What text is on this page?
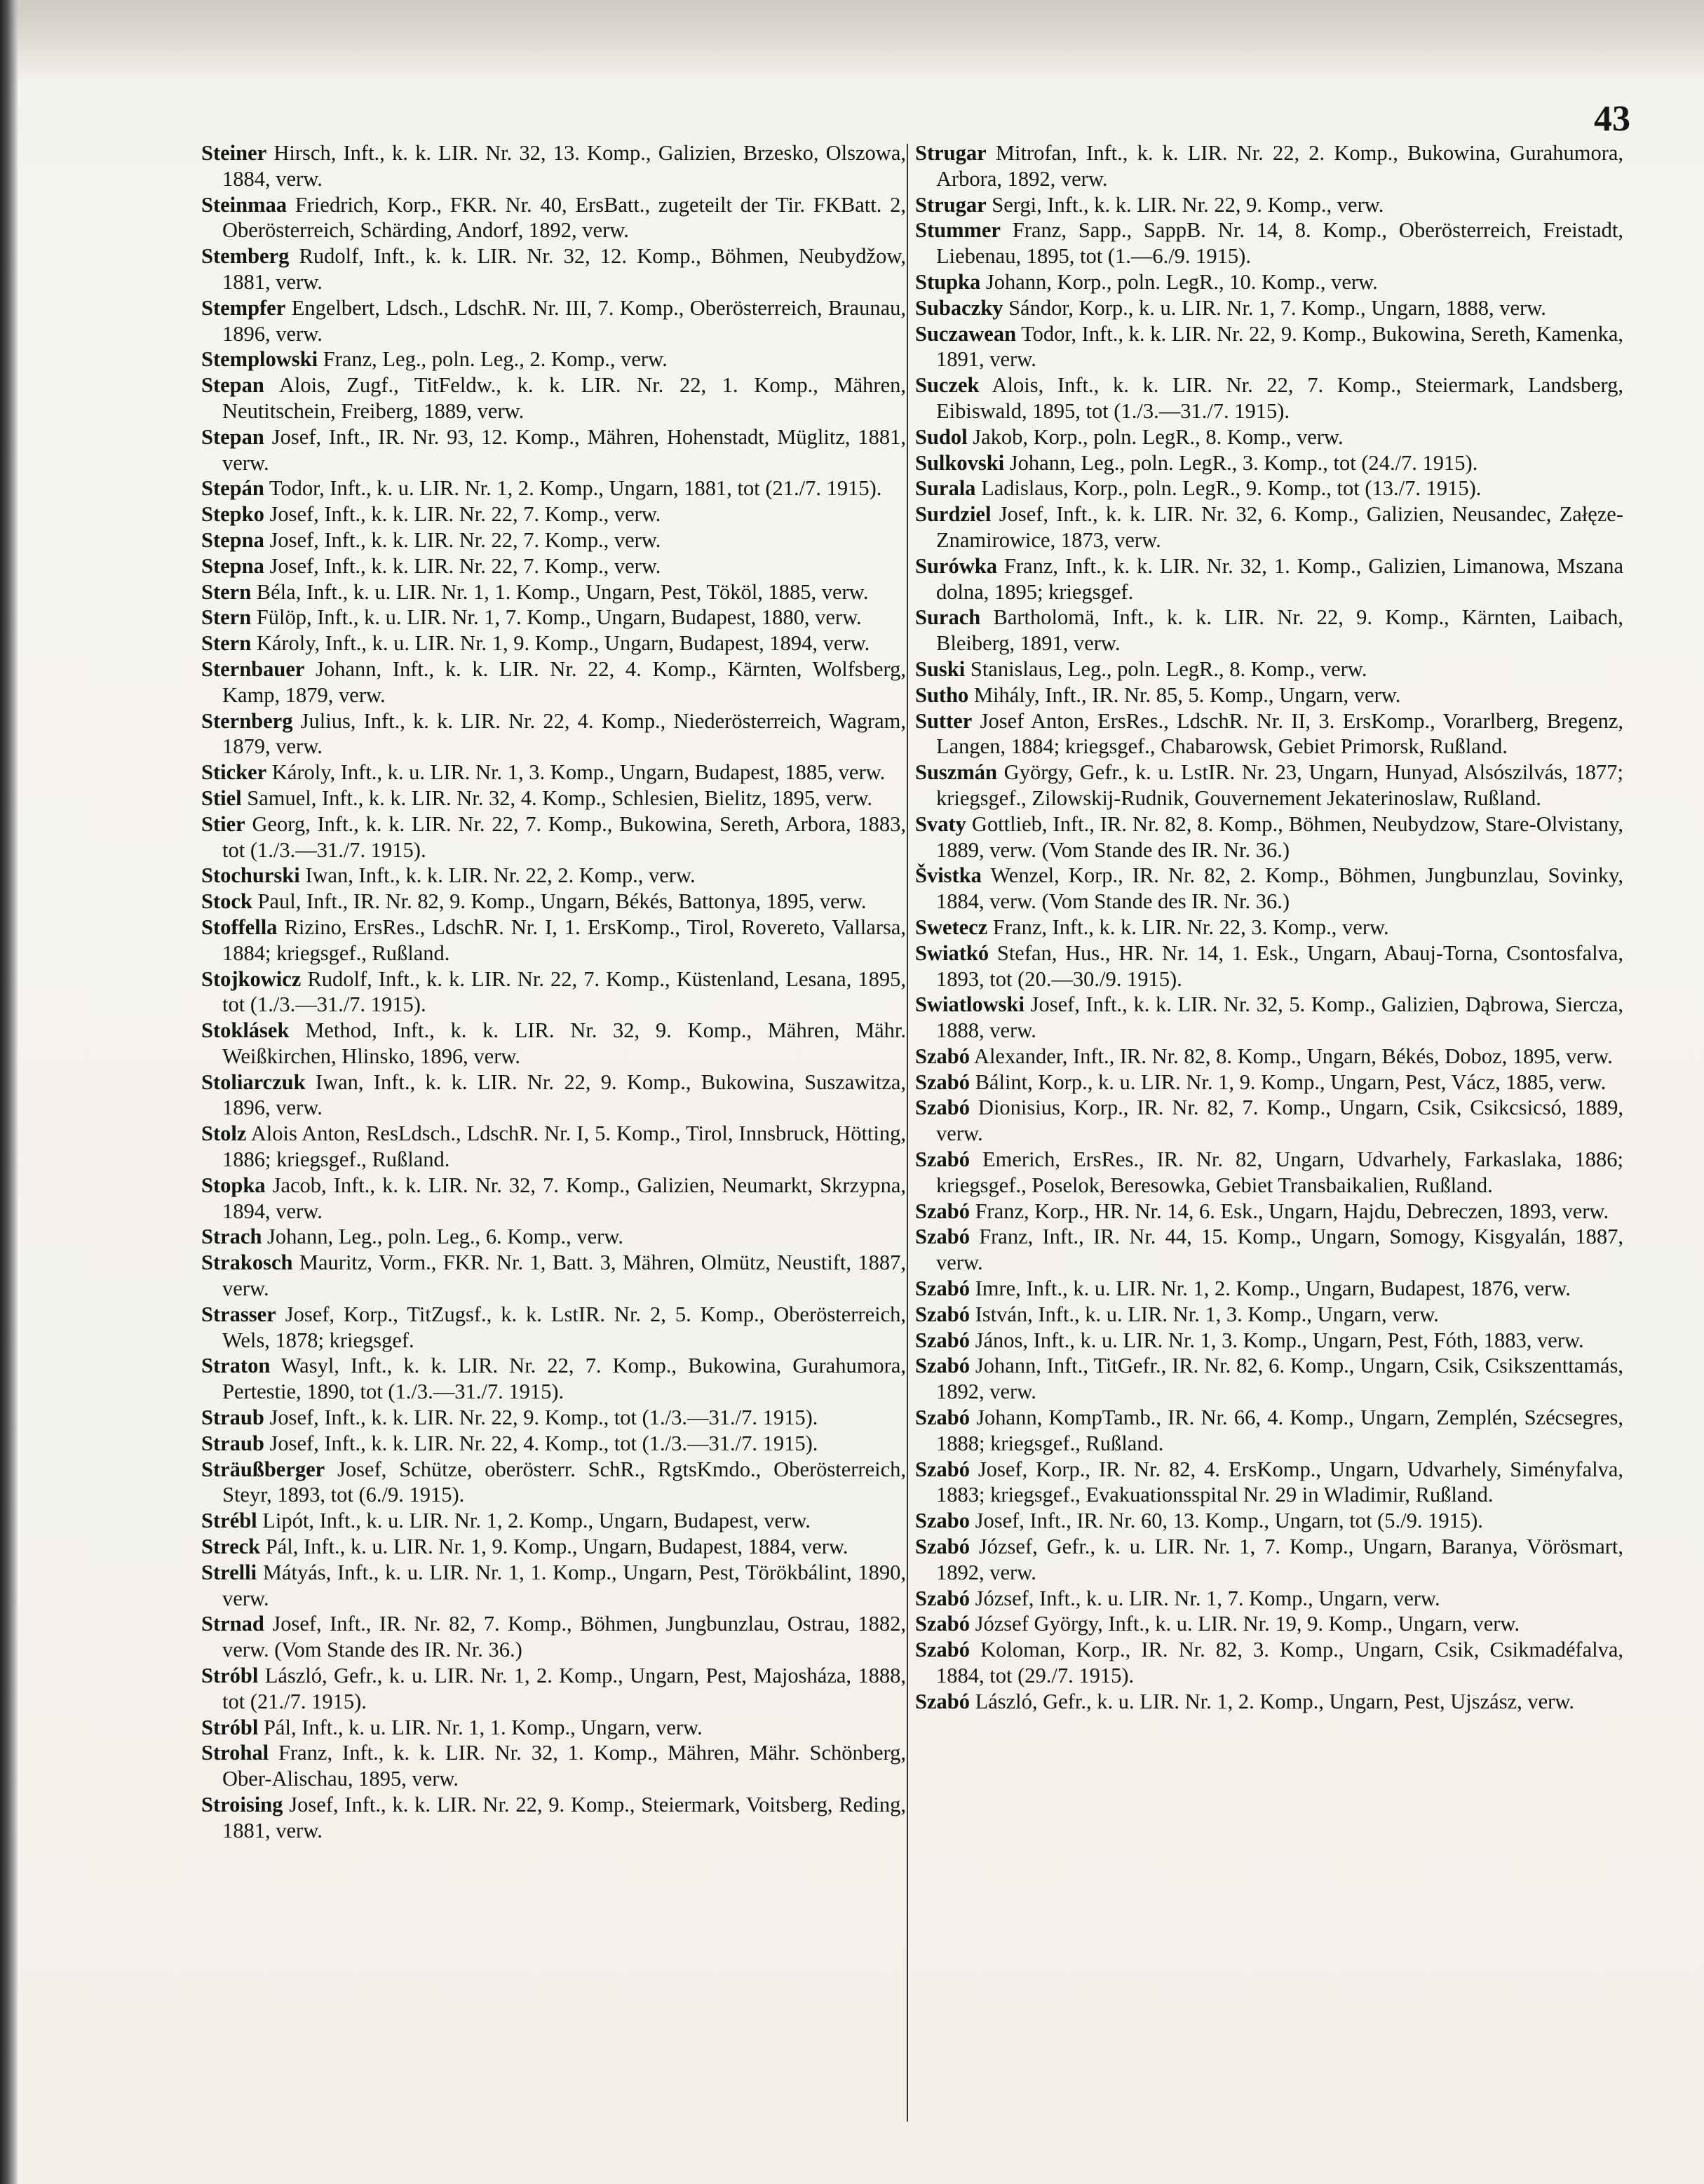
43
Steiner Hirsch, Inft., k. k. LIR. Nr. 32, 13. Komp., Galizien, Brzesko, Olszowa, 1884, verw.
Steinmaa Friedrich, Korp., FKR. Nr. 40, ErsBatt., zugeteilt der Tir. FKBatt. 2, Oberösterreich, Schärding, Andorf, 1892, verw.
Stemberg Rudolf, Inft., k. k. LIR. Nr. 32, 12. Komp., Böhmen, Neubydžow, 1881, verw.
Stempfer Engelbert, Ldsch., LdschR. Nr. III, 7. Komp., Oberösterreich, Braunau, 1896, verw.
Stemplowski Franz, Leg., poln. Leg., 2. Komp., verw.
Stepan Alois, Zugf., TitFeldw., k. k. LIR. Nr. 22, 1. Komp., Mähren, Neutitschein, Freiberg, 1889, verw.
Stepan Josef, Inft., IR. Nr. 93, 12. Komp., Mähren, Hohenstadt, Müglitz, 1881, verw.
Stepán Todor, Inft., k. u. LIR. Nr. 1, 2. Komp., Ungarn, 1881, tot (21./7. 1915).
Stepko Josef, Inft., k. k. LIR. Nr. 22, 7. Komp., verw.
Stepna Josef, Inft., k. k. LIR. Nr. 22, 7. Komp., verw.
Stepna Josef, Inft., k. k. LIR. Nr. 22, 7. Komp., verw.
Stern Béla, Inft., k. u. LIR. Nr. 1, 1. Komp., Ungarn, Pest, Tököl, 1885, verw.
Stern Fülöp, Inft., k. u. LIR. Nr. 1, 7. Komp., Ungarn, Budapest, 1880, verw.
Stern Károly, Inft., k. u. LIR. Nr. 1, 9. Komp., Ungarn, Budapest, 1894, verw.
Sternbauer Johann, Inft., k. k. LIR. Nr. 22, 4. Komp., Kärnten, Wolfsberg, Kamp, 1879, verw.
Sternberg Julius, Inft., k. k. LIR. Nr. 22, 4. Komp., Niederösterreich, Wagram, 1879, verw.
Sticker Károly, Inft., k. u. LIR. Nr. 1, 3. Komp., Ungarn, Budapest, 1885, verw.
Stiel Samuel, Inft., k. k. LIR. Nr. 32, 4. Komp., Schlesien, Bielitz, 1895, verw.
Stier Georg, Inft., k. k. LIR. Nr. 22, 7. Komp., Bukowina, Sereth, Arbora, 1883, tot (1./3.—31./7. 1915).
Stochurski Iwan, Inft., k. k. LIR. Nr. 22, 2. Komp., verw.
Stock Paul, Inft., IR. Nr. 82, 9. Komp., Ungarn, Békés, Battonya, 1895, verw.
Stoffella Rizino, ErsRes., LdschR. Nr. I, 1. ErsKomp., Tirol, Rovereto, Vallarsa, 1884; kriegsgef., Rußland.
Stojkowicz Rudolf, Inft., k. k. LIR. Nr. 22, 7. Komp., Küstenland, Lesana, 1895, tot (1./3.—31./7. 1915).
Stoklásek Method, Inft., k. k. LIR. Nr. 32, 9. Komp., Mähren, Mähr. Weißkirchen, Hlinsko, 1896, verw.
Stoliarczuk Iwan, Inft., k. k. LIR. Nr. 22, 9. Komp., Bukowina, Suszawitza, 1896, verw.
Stolz Alois Anton, ResLdsch., LdschR. Nr. I, 5. Komp., Tirol, Innsbruck, Hötting, 1886; kriegsgef., Rußland.
Stopka Jacob, Inft., k. k. LIR. Nr. 32, 7. Komp., Galizien, Neumarkt, Skrzypna, 1894, verw.
Strach Johann, Leg., poln. Leg., 6. Komp., verw.
Strakosch Mauritz, Vorm., FKR. Nr. 1, Batt. 3, Mähren, Olmütz, Neustift, 1887, verw.
Strasser Josef, Korp., TitZugsf., k. k. LstIR. Nr. 2, 5. Komp., Oberösterreich, Wels, 1878; kriegsgef.
Straton Wasyl, Inft., k. k. LIR. Nr. 22, 7. Komp., Bukowina, Gurahumora, Pertestie, 1890, tot (1./3.—31./7. 1915).
Straub Josef, Inft., k. k. LIR. Nr. 22, 9. Komp., tot (1./3.—31./7. 1915).
Straub Josef, Inft., k. k. LIR. Nr. 22, 4. Komp., tot (1./3.—31./7. 1915).
Sträußberger Josef, Schütze, oberösterr. SchR., RgtsKmdo., Oberösterreich, Steyr, 1893, tot (6./9. 1915).
Strébl Lipót, Inft., k. u. LIR. Nr. 1, 2. Komp., Ungarn, Budapest, verw.
Streck Pál, Inft., k. u. LIR. Nr. 1, 9. Komp., Ungarn, Budapest, 1884, verw.
Strelli Mátyás, Inft., k. u. LIR. Nr. 1, 1. Komp., Ungarn, Pest, Törökbálint, 1890, verw.
Strnad Josef, Inft., IR. Nr. 82, 7. Komp., Böhmen, Jungbunzlau, Ostrau, 1882, verw. (Vom Stande des IR. Nr. 36.)
Stróbl László, Gefr., k. u. LIR. Nr. 1, 2. Komp., Ungarn, Pest, Majosháza, 1888, tot (21./7. 1915).
Stróbl Pál, Inft., k. u. LIR. Nr. 1, 1. Komp., Ungarn, verw.
Strohal Franz, Inft., k. k. LIR. Nr. 32, 1. Komp., Mähren, Mähr. Schönberg, Ober-Alischau, 1895, verw.
Stroising Josef, Inft., k. k. LIR. Nr. 22, 9. Komp., Steiermark, Voitsberg, Reding, 1881, verw.
Strugar Mitrofan, Inft., k. k. LIR. Nr. 22, 2. Komp., Bukowina, Gurahumora, Arbora, 1892, verw.
Strugar Sergi, Inft., k. k. LIR. Nr. 22, 9. Komp., verw.
Stummer Franz, Sapp., SappB. Nr. 14, 8. Komp., Oberösterreich, Freistadt, Liebenau, 1895, tot (1.—6./9. 1915).
Stupka Johann, Korp., poln. LegR., 10. Komp., verw.
Subaczky Sándor, Korp., k. u. LIR. Nr. 1, 7. Komp., Ungarn, 1888, verw.
Suczawean Todor, Inft., k. k. LIR. Nr. 22, 9. Komp., Bukowina, Sereth, Kamenka, 1891, verw.
Suczek Alois, Inft., k. k. LIR. Nr. 22, 7. Komp., Steiermark, Landsberg, Eibiswald, 1895, tot (1./3.—31./7. 1915).
Sudol Jakob, Korp., poln. LegR., 8. Komp., verw.
Sulkovski Johann, Leg., poln. LegR., 3. Komp., tot (24./7. 1915).
Surala Ladislaus, Korp., poln. LegR., 9. Komp., tot (13./7. 1915).
Surdziel Josef, Inft., k. k. LIR. Nr. 32, 6. Komp., Galizien, Neusandec, Załęze-Znamirowice, 1873, verw.
Surówka Franz, Inft., k. k. LIR. Nr. 32, 1. Komp., Galizien, Limanowa, Mszana dolna, 1895; kriegsgef.
Surach Bartholomä, Inft., k. k. LIR. Nr. 22, 9. Komp., Kärnten, Laibach, Bleiberg, 1891, verw.
Suski Stanislaus, Leg., poln. LegR., 8. Komp., verw.
Sutho Mihály, Inft., IR. Nr. 85, 5. Komp., Ungarn, verw.
Sutter Josef Anton, ErsRes., LdschR. Nr. II, 3. ErsKomp., Vorarlberg, Bregenz, Langen, 1884; kriegsgef., Chabarowsk, Gebiet Primorsk, Rußland.
Suszmán György, Gefr., k. u. LstIR. Nr. 23, Ungarn, Hunyad, Alsószilvás, 1877; kriegsgef., Zilowskij-Rudnik, Gouvernement Jekaterinoslaw, Rußland.
Svaty Gottlieb, Inft., IR. Nr. 82, 8. Komp., Böhmen, Neubydzow, Stare-Olvistany, 1889, verw. (Vom Stande des IR. Nr. 36.)
Švistka Wenzel, Korp., IR. Nr. 82, 2. Komp., Böhmen, Jungbunzlau, Sovinky, 1884, verw. (Vom Stande des IR. Nr. 36.)
Swetecz Franz, Inft., k. k. LIR. Nr. 22, 3. Komp., verw.
Swiatkó Stefan, Hus., HR. Nr. 14, 1. Esk., Ungarn, Abauj-Torna, Csontosfalva, 1893, tot (20.—30./9. 1915).
Swiatlowski Josef, Inft., k. k. LIR. Nr. 32, 5. Komp., Galizien, Dąbrowa, Siercza, 1888, verw.
Szabó Alexander, Inft., IR. Nr. 82, 8. Komp., Ungarn, Békés, Doboz, 1895, verw.
Szabó Bálint, Korp., k. u. LIR. Nr. 1, 9. Komp., Ungarn, Pest, Vácz, 1885, verw.
Szabó Dionisius, Korp., IR. Nr. 82, 7. Komp., Ungarn, Csik, Csikcsicsó, 1889, verw.
Szabó Emerich, ErsRes., IR. Nr. 82, Ungarn, Udvarhely, Farkaslaka, 1886; kriegsgef., Poselok, Beresowka, Gebiet Transbaikalien, Rußland.
Szabó Franz, Korp., HR. Nr. 14, 6. Esk., Ungarn, Hajdu, Debreczen, 1893, verw.
Szabó Franz, Inft., IR. Nr. 44, 15. Komp., Ungarn, Somogy, Kisgyalán, 1887, verw.
Szabó Imre, Inft., k. u. LIR. Nr. 1, 2. Komp., Ungarn, Budapest, 1876, verw.
Szabó István, Inft., k. u. LIR. Nr. 1, 3. Komp., Ungarn, verw.
Szabó János, Inft., k. u. LIR. Nr. 1, 3. Komp., Ungarn, Pest, Fóth, 1883, verw.
Szabó Johann, Inft., TitGefr., IR. Nr. 82, 6. Komp., Ungarn, Csik, Csikszenttamás, 1892, verw.
Szabó Johann, KompTamb., IR. Nr. 66, 4. Komp., Ungarn, Zemplén, Szécsegres, 1888; kriegsgef., Rußland.
Szabó Josef, Korp., IR. Nr. 82, 4. ErsKomp., Ungarn, Udvarhely, Siményfalva, 1883; kriegsgef., Evakuationsspital Nr. 29 in Wladimir, Rußland.
Szabo Josef, Inft., IR. Nr. 60, 13. Komp., Ungarn, tot (5./9. 1915).
Szabó József, Gefr., k. u. LIR. Nr. 1, 7. Komp., Ungarn, Baranya, Vörösmart, 1892, verw.
Szabó József, Inft., k. u. LIR. Nr. 1, 7. Komp., Ungarn, verw.
Szabó József György, Inft., k. u. LIR. Nr. 19, 9. Komp., Ungarn, verw.
Szabó Koloman, Korp., IR. Nr. 82, 3. Komp., Ungarn, Csik, Csikmadéfalva, 1884, tot (29./7. 1915).
Szabó László, Gefr., k. u. LIR. Nr. 1, 2. Komp., Ungarn, Pest, Ujszász, verw.
